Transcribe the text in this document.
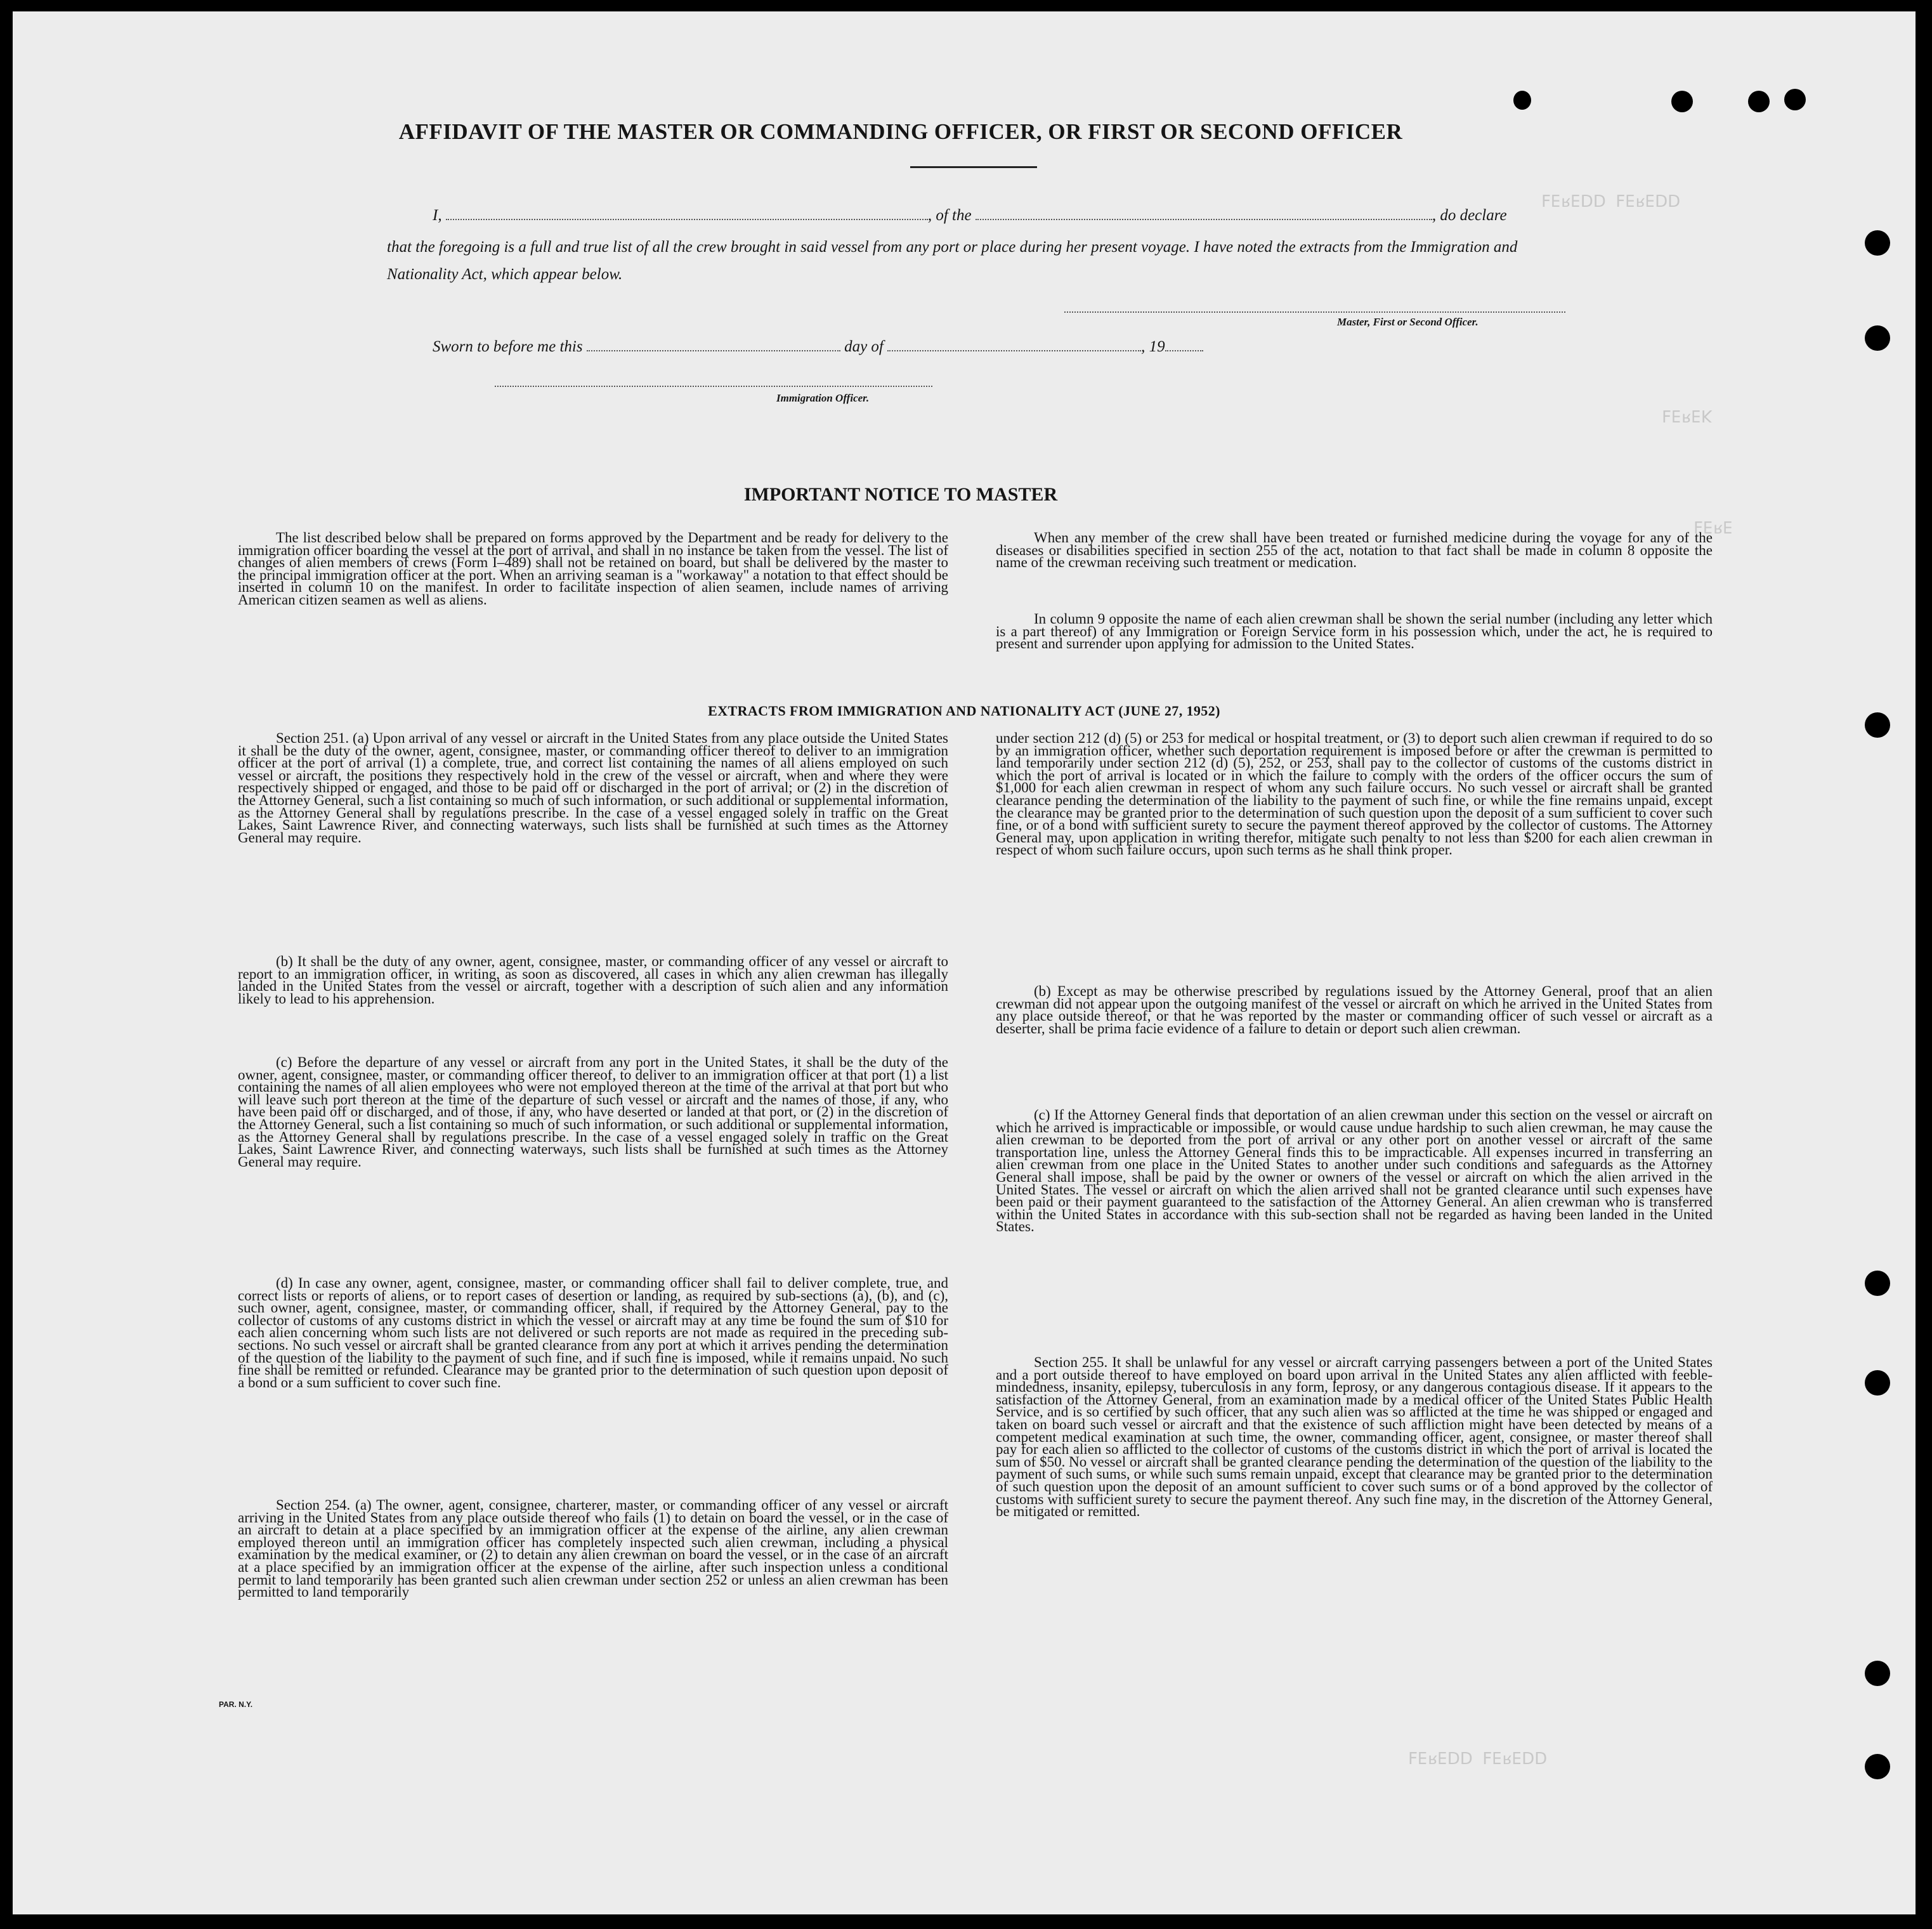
ᗡᗡ∃ᴚ∃ꟻ ᗡᗡ∃ᴚ∃ꟻ
ꓘ∃ᴚ∃ꟻ
∃ᴚ∃ꟻ
ᗡᗡ∃ᴚ∃ꟻ ᗡᗡ∃ᴚ∃ꟻ
AFFIDAVIT OF THE MASTER OR COMMANDING OFFICER, OR FIRST OR SECOND OFFICER
I,	, of the	, do declare
that the foregoing is a full and true list of all the crew brought in said vessel from any port or place during her present voyage. I have noted the extracts from the Immigration and Nationality Act, which appear below.
Master, First or Second Officer.
Sworn to before me this	day of	, 19
Immigration Officer.
IMPORTANT NOTICE TO MASTER
The list described below shall be prepared on forms approved by the Department and be ready for delivery to the immigration officer boarding the vessel at the port of arrival, and shall in no instance be taken from the vessel. The list of changes of alien members of crews (Form I–489) shall not be retained on board, but shall be delivered by the master to the principal immigration officer at the port. When an arriving seaman is a "workaway" a notation to that effect should be inserted in column 10 on the manifest. In order to facilitate inspection of alien seamen, include names of arriving American citizen seamen as well as aliens.
When any member of the crew shall have been treated or furnished medicine during the voyage for any of the diseases or disabilities specified in section 255 of the act, notation to that fact shall be made in column 8 opposite the name of the crewman receiving such treatment or medication.
In column 9 opposite the name of each alien crewman shall be shown the serial number (including any letter which is a part thereof) of any Immigration or Foreign Service form in his possession which, under the act, he is required to present and surrender upon applying for admission to the United States.
EXTRACTS FROM IMMIGRATION AND NATIONALITY ACT (JUNE 27, 1952)
Section 251. (a) Upon arrival of any vessel or aircraft in the United States from any place outside the United States it shall be the duty of the owner, agent, consignee, master, or commanding officer thereof to deliver to an immigration officer at the port of arrival (1) a complete, true, and correct list containing the names of all aliens employed on such vessel or aircraft, the positions they respectively hold in the crew of the vessel or aircraft, when and where they were respectively shipped or engaged, and those to be paid off or discharged in the port of arrival; or (2) in the discretion of the Attorney General, such a list containing so much of such information, or such additional or supplemental information, as the Attorney General shall by regulations prescribe. In the case of a vessel engaged solely in traffic on the Great Lakes, Saint Lawrence River, and connecting waterways, such lists shall be furnished at such times as the Attorney General may require.
(b) It shall be the duty of any owner, agent, consignee, master, or commanding officer of any vessel or aircraft to report to an immigration officer, in writing, as soon as discovered, all cases in which any alien crewman has illegally landed in the United States from the vessel or aircraft, together with a description of such alien and any information likely to lead to his apprehension.
(c) Before the departure of any vessel or aircraft from any port in the United States, it shall be the duty of the owner, agent, consignee, master, or commanding officer thereof, to deliver to an immigration officer at that port (1) a list containing the names of all alien employees who were not employed thereon at the time of the arrival at that port but who will leave such port thereon at the time of the departure of such vessel or aircraft and the names of those, if any, who have been paid off or discharged, and of those, if any, who have deserted or landed at that port, or (2) in the discretion of the Attorney General, such a list containing so much of such information, or such additional or supplemental information, as the Attorney General shall by regulations prescribe. In the case of a vessel engaged solely in traffic on the Great Lakes, Saint Lawrence River, and connecting waterways, such lists shall be furnished at such times as the Attorney General may require.
(d) In case any owner, agent, consignee, master, or commanding officer shall fail to deliver complete, true, and correct lists or reports of aliens, or to report cases of desertion or landing, as required by sub-sections (a), (b), and (c), such owner, agent, consignee, master, or commanding officer, shall, if required by the Attorney General, pay to the collector of customs of any customs district in which the vessel or aircraft may at any time be found the sum of $10 for each alien concerning whom such lists are not delivered or such reports are not made as required in the preceding sub-sections. No such vessel or aircraft shall be granted clearance from any port at which it arrives pending the determination of the question of the liability to the payment of such fine, and if such fine is imposed, while it remains unpaid. No such fine shall be remitted or refunded. Clearance may be granted prior to the determination of such question upon deposit of a bond or a sum sufficient to cover such fine.
Section 254. (a) The owner, agent, consignee, charterer, master, or commanding officer of any vessel or aircraft arriving in the United States from any place outside thereof who fails (1) to detain on board the vessel, or in the case of an aircraft to detain at a place specified by an immigration officer at the expense of the airline, any alien crewman employed thereon until an immigration officer has completely inspected such alien crewman, including a physical examination by the medical examiner, or (2) to detain any alien crewman on board the vessel, or in the case of an aircraft at a place specified by an immigration officer at the expense of the airline, after such inspection unless a conditional permit to land temporarily has been granted such alien crewman under section 252 or unless an alien crewman has been permitted to land temporarily
under section 212 (d) (5) or 253 for medical or hospital treatment, or (3) to deport such alien crewman if required to do so by an immigration officer, whether such deportation requirement is imposed before or after the crewman is permitted to land temporarily under section 212 (d) (5), 252, or 253, shall pay to the collector of customs of the customs district in which the port of arrival is located or in which the failure to comply with the orders of the officer occurs the sum of $1,000 for each alien crewman in respect of whom any such failure occurs. No such vessel or aircraft shall be granted clearance pending the determination of the liability to the payment of such fine, or while the fine remains unpaid, except the clearance may be granted prior to the determination of such question upon the deposit of a sum sufficient to cover such fine, or of a bond with sufficient surety to secure the payment thereof approved by the collector of customs. The Attorney General may, upon application in writing therefor, mitigate such penalty to not less than $200 for each alien crewman in respect of whom such failure occurs, upon such terms as he shall think proper.
(b) Except as may be otherwise prescribed by regulations issued by the Attorney General, proof that an alien crewman did not appear upon the outgoing manifest of the vessel or aircraft on which he arrived in the United States from any place outside thereof, or that he was reported by the master or commanding officer of such vessel or aircraft as a deserter, shall be prima facie evidence of a failure to detain or deport such alien crewman.
(c) If the Attorney General finds that deportation of an alien crewman under this section on the vessel or aircraft on which he arrived is impracticable or impossible, or would cause undue hardship to such alien crewman, he may cause the alien crewman to be deported from the port of arrival or any other port on another vessel or aircraft of the same transportation line, unless the Attorney General finds this to be impracticable. All expenses incurred in transferring an alien crewman from one place in the United States to another under such conditions and safeguards as the Attorney General shall impose, shall be paid by the owner or owners of the vessel or aircraft on which the alien arrived in the United States. The vessel or aircraft on which the alien arrived shall not be granted clearance until such expenses have been paid or their payment guaranteed to the satisfaction of the Attorney General. An alien crewman who is transferred within the United States in accordance with this sub-section shall not be regarded as having been landed in the United States.
Section 255. It shall be unlawful for any vessel or aircraft carrying passengers between a port of the United States and a port outside thereof to have employed on board upon arrival in the United States any alien afflicted with feeble-mindedness, insanity, epilepsy, tuberculosis in any form, leprosy, or any dangerous contagious disease. If it appears to the satisfaction of the Attorney General, from an examination made by a medical officer of the United States Public Health Service, and is so certified by such officer, that any such alien was so afflicted at the time he was shipped or engaged and taken on board such vessel or aircraft and that the existence of such affliction might have been detected by means of a competent medical examination at such time, the owner, commanding officer, agent, consignee, or master thereof shall pay for each alien so afflicted to the collector of customs of the customs district in which the port of arrival is located the sum of $50. No vessel or aircraft shall be granted clearance pending the determination of the question of the liability to the payment of such sums, or while such sums remain unpaid, except that clearance may be granted prior to the determination of such question upon the deposit of an amount sufficient to cover such sums or of a bond approved by the collector of customs with sufficient surety to secure the payment thereof. Any such fine may, in the discretion of the Attorney General, be mitigated or remitted.
PAR. N.Y.
